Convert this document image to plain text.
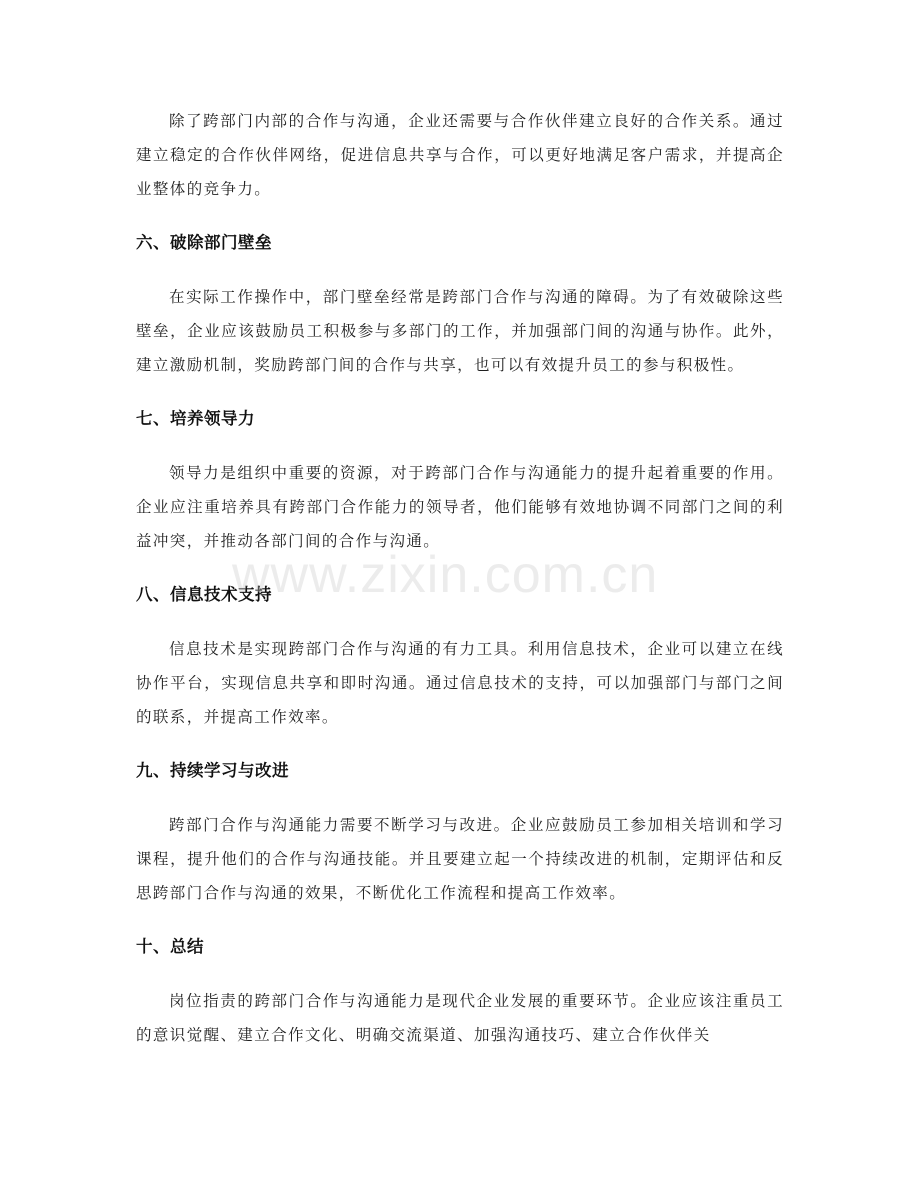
除了跨部门内部的合作与沟通，企业还需要与合作伙伴建立良好的合作关系。通过建立稳定的合作伙伴网络，促进信息共享与合作，可以更好地满足客户需求，并提高企业整体的竞争力。

六、破除部门壁垒

在实际工作操作中，部门壁垒经常是跨部门合作与沟通的障碍。为了有效破除这些壁垒，企业应该鼓励员工积极参与多部门的工作，并加强部门间的沟通与协作。此外，建立激励机制，奖励跨部门间的合作与共享，也可以有效提升员工的参与积极性。

七、培养领导力

领导力是组织中重要的资源，对于跨部门合作与沟通能力的提升起着重要的作用。企业应注重培养具有跨部门合作能力的领导者，他们能够有效地协调不同部门之间的利益冲突，并推动各部门间的合作与沟通。

八、信息技术支持

信息技术是实现跨部门合作与沟通的有力工具。利用信息技术，企业可以建立在线协作平台，实现信息共享和即时沟通。通过信息技术的支持，可以加强部门与部门之间的联系，并提高工作效率。

九、持续学习与改进

跨部门合作与沟通能力需要不断学习与改进。企业应鼓励员工参加相关培训和学习课程，提升他们的合作与沟通技能。并且要建立起一个持续改进的机制，定期评估和反思跨部门合作与沟通的效果，不断优化工作流程和提高工作效率。

十、总结

岗位指责的跨部门合作与沟通能力是现代企业发展的重要环节。企业应该注重员工的意识觉醒、建立合作文化、明确交流渠道、加强沟通技巧、建立合作伙伴关

www.zixin.com.cn
